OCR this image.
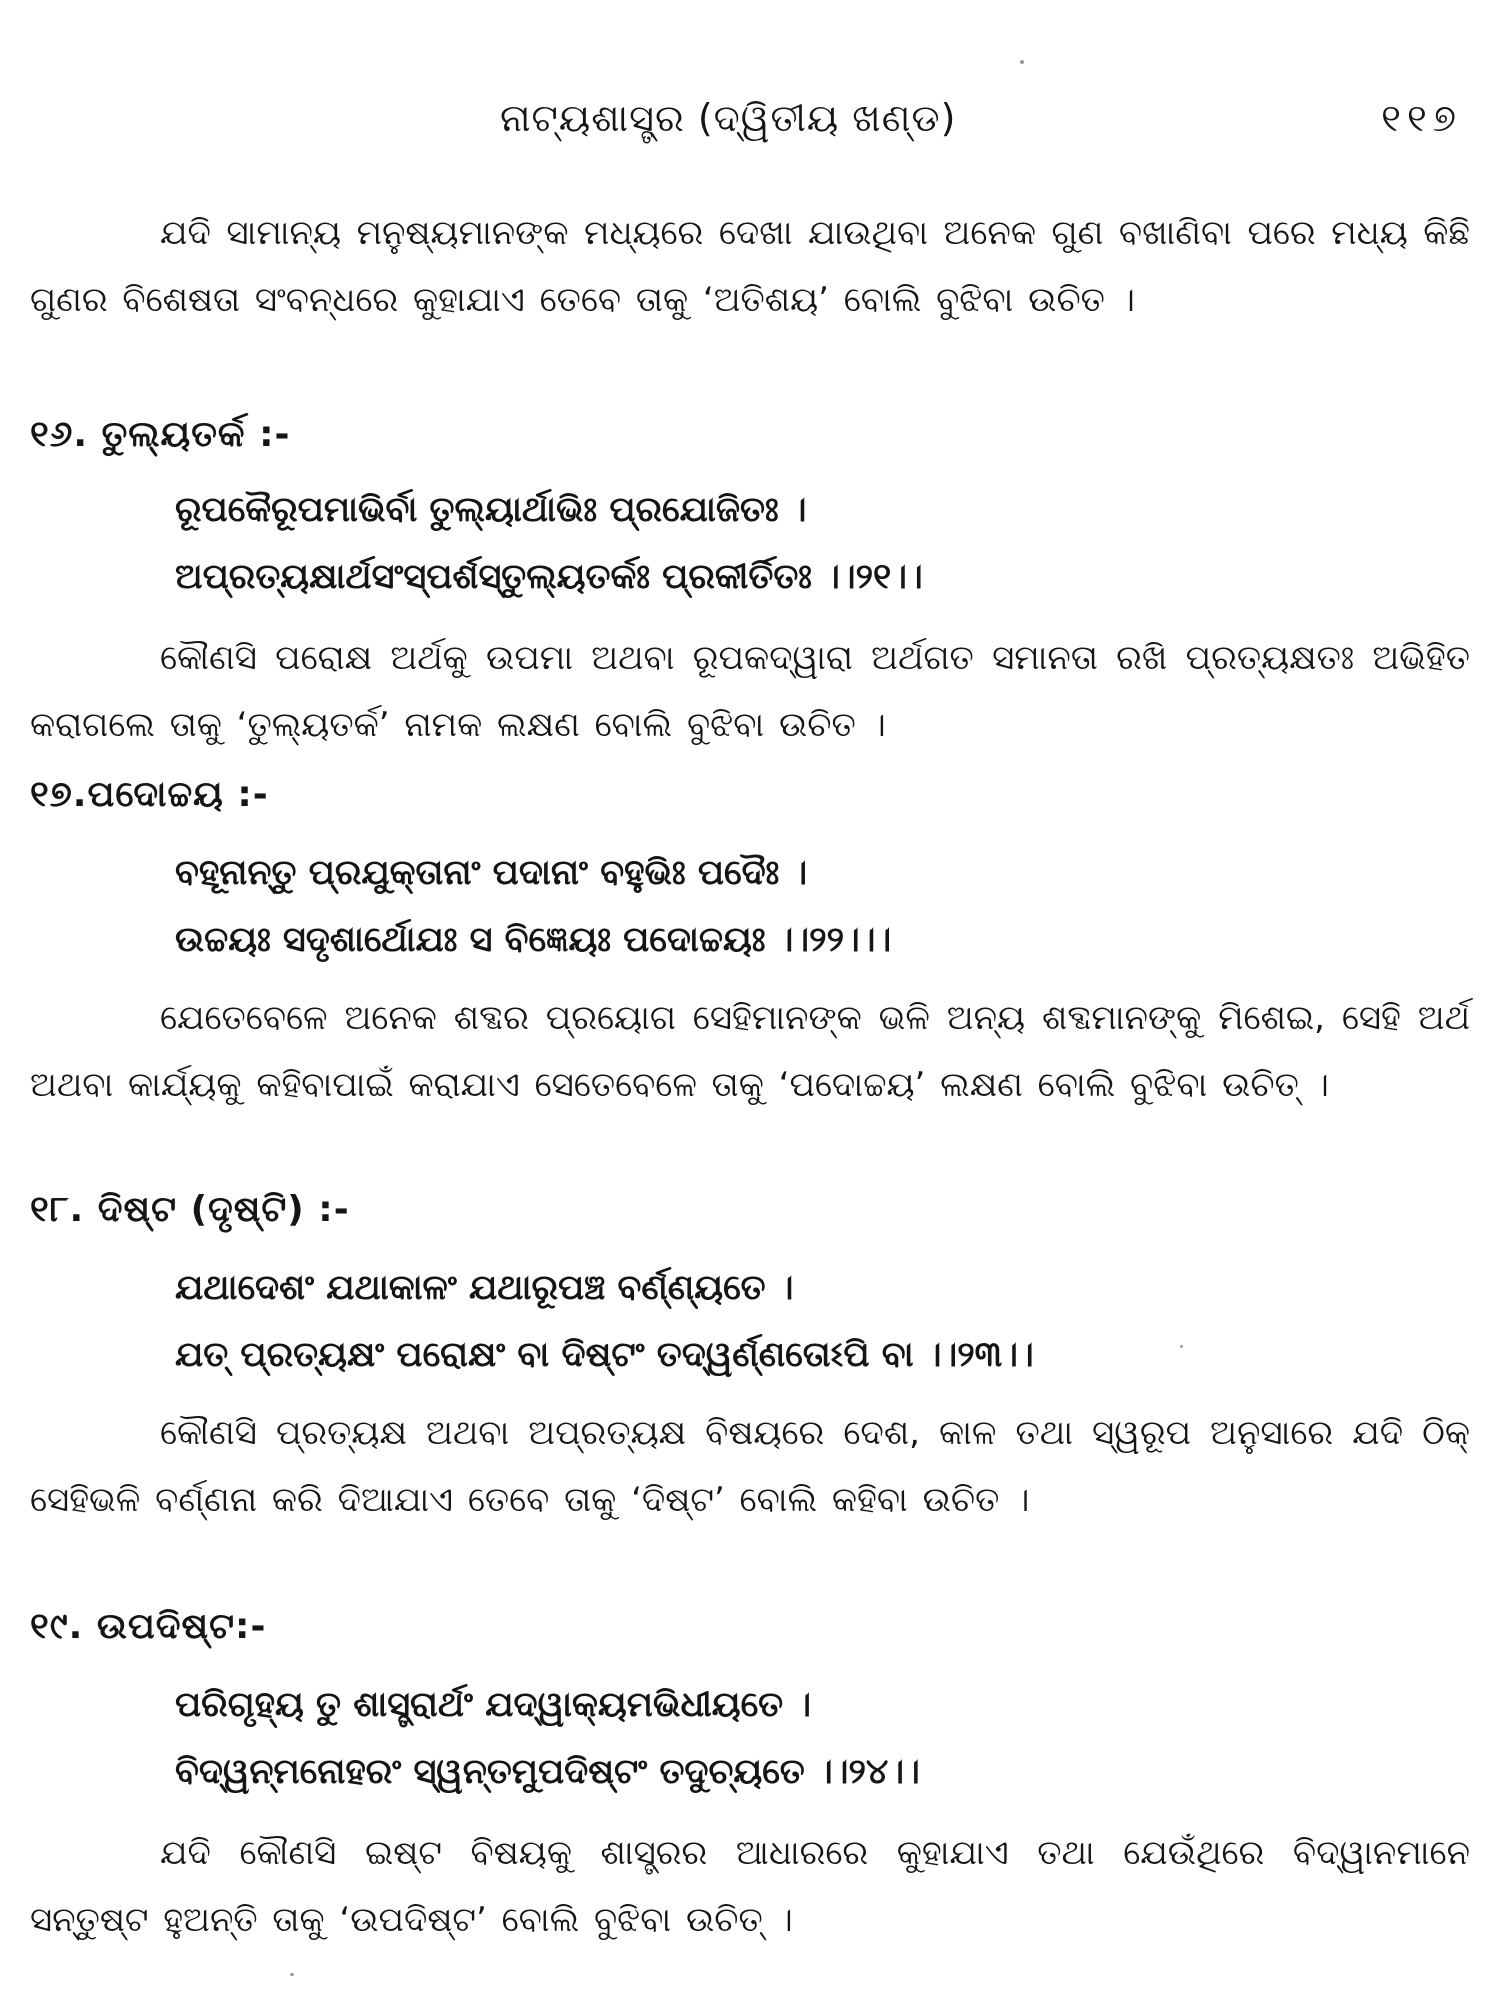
ନାଟ୍ୟଶାସ୍ତ୍ର (ଦ୍ୱିତୀୟ ଖଣ୍ଡ)	୧୧୭

ଯଦି ସାମାନ୍ୟ ମନୁଷ୍ୟମାନଙ୍କ ମଧ୍ୟରେ ଦେଖା ଯାଉଥିବା ଅନେକ ଗୁଣ ବଖାଣିବା ପରେ ମଧ୍ୟ କିଛି ଗୁଣର ବିଶେଷତା ସଂବନ୍ଧରେ କୁହାଯାଏ ତେବେ ତାକୁ ‘ଅତିଶୟ’ ବୋଲି ବୁଝିବା ଉଚିତ ।

୧୬. ତୁଲ୍ୟତର୍କ :-

ରୂପକୈରୂପମାଭିର୍ବା ତୁଲ୍ୟାର୍ଥାଭିଃ ପ୍ରଯୋଜିତଃ ।
ଅପ୍ରତ୍ୟକ୍ଷାର୍ଥସଂସ୍ପର୍ଶସ୍ତୁଲ୍ୟତର୍କଃ ପ୍ରକୀର୍ତିତଃ ।।୨୧।।

କୌଣସି ପରୋକ୍ଷ ଅର୍ଥକୁ ଉପମା ଅଥବା ରୂପକଦ୍ୱାରା ଅର୍ଥଗତ ସମାନତା ରଖି ପ୍ରତ୍ୟକ୍ଷତଃ ଅଭିହିତ କରାଗଲେ ତାକୁ ‘ତୁଲ୍ୟତର୍କ’ ନାମକ ଲକ୍ଷଣ ବୋଲି ବୁଝିବା ଉଚିତ ।

୧୭.ପଦୋଚ୍ଚୟ :-

ବହୂନାନ୍ତୁ ପ୍ରଯୁକ୍ତାନାଂ ପଦାନାଂ ବହୁଭିଃ ପଦୈଃ ।
ଉଚ୍ଚୟଃ ସଦୃଶାର୍ଥୋଯଃ ସ ବିଜ୍ଞେୟଃ ପଦୋଚ୍ଚୟଃ ।।୨୨।।।

ଯେତେବେଳେ ଅନେକ ଶବ୍ଦର ପ୍ରୟୋଗ ସେହିମାନଙ୍କ ଭଳି ଅନ୍ୟ ଶବ୍ଦମାନଙ୍କୁ ମିଶେଇ, ସେହି ଅର୍ଥ ଅଥବା କାର୍ଯ୍ୟକୁ କହିବାପାଇଁ କରାଯାଏ ସେତେବେଳେ ତାକୁ ‘ପଦୋଚ୍ଚୟ’ ଲକ୍ଷଣ ବୋଲି ବୁଝିବା ଉଚିତ୍ ।

୧୮. ଦିଷ୍ଟ (ଦୃଷ୍ଟି) :-

ଯଥାଦେଶଂ ଯଥାକାଳଂ ଯଥାରୂପଞ୍ଚ ବର୍ଣ୍ଣ୍ୟତେ ।
ଯତ୍ ପ୍ରତ୍ୟକ୍ଷଂ ପରୋକ୍ଷଂ ବା ଦିଷ୍ଟଂ ତଦ୍ୱର୍ଣ୍ଣତୋଽପି ବା ।।୨୩।।

କୌଣସି ପ୍ରତ୍ୟକ୍ଷ ଅଥବା ଅପ୍ରତ୍ୟକ୍ଷ ବିଷୟରେ ଦେଶ, କାଳ ତଥା ସ୍ୱରୂପ ଅନୁସାରେ ଯଦି ଠିକ୍ ସେହିଭଳି ବର୍ଣ୍ଣନା କରି ଦିଆଯାଏ ତେବେ ତାକୁ ‘ଦିଷ୍ଟ’ ବୋଲି କହିବା ଉଚିତ ।

୧୯. ଉପଦିଷ୍ଟ:-

ପରିଗୃହ୍ୟ ତୁ ଶାସ୍ତ୍ରାର୍ଥଂ ଯଦ୍ୱାକ୍ୟମଭିଧୀୟତେ ।
ବିଦ୍ୱନ୍ମନୋହରଂ ସ୍ୱନ୍ତମୁପଦିଷ୍ଟଂ ତଦୁଚ୍ୟତେ ।।୨୪।।

ଯଦି କୌଣସି ଇଷ୍ଟ ବିଷୟକୁ ଶାସ୍ତ୍ରର ଆଧାରରେ କୁହାଯାଏ ତଥା ଯେଉଁଥିରେ ବିଦ୍ୱାନମାନେ ସନ୍ତୁଷ୍ଟ ହୁଅନ୍ତି ତାକୁ ‘ଉପଦିଷ୍ଟ’ ବୋଲି ବୁଝିବା ଉଚିତ୍ ।
